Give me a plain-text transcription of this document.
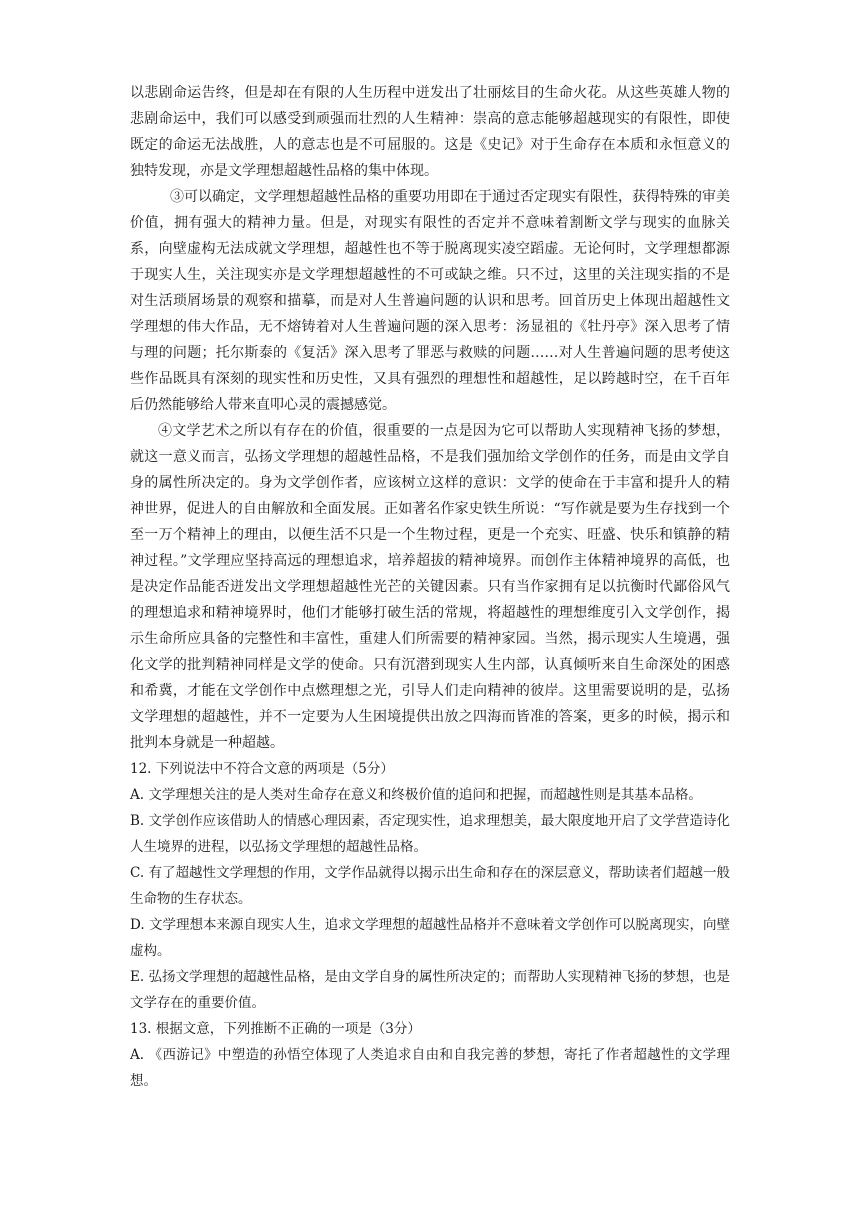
以悲剧命运告终，但是却在有限的人生历程中迸发出了壮丽炫目的生命火花。从这些英雄人物的悲剧命运中，我们可以感受到顽强而壮烈的人生精神：崇高的意志能够超越现实的有限性，即使既定的命运无法战胜，人的意志也是不可屈服的。这是《史记》对于生命存在本质和永恒意义的独特发现，亦是文学理想超越性品格的集中体现。

③可以确定，文学理想超越性品格的重要功用即在于通过否定现实有限性，获得特殊的审美价值，拥有强大的精神力量。但是，对现实有限性的否定并不意味着割断文学与现实的血脉关系，向壁虚构无法成就文学理想，超越性也不等于脱离现实凌空蹈虚。无论何时，文学理想都源于现实人生，关注现实亦是文学理想超越性的不可或缺之维。只不过，这里的关注现实指的不是对生活琐屑场景的观察和描摹，而是对人生普遍问题的认识和思考。回首历史上体现出超越性文学理想的伟大作品，无不熔铸着对人生普遍问题的深入思考：汤显祖的《牡丹亭》深入思考了情与理的问题；托尔斯泰的《复活》深入思考了罪恶与救赎的问题……对人生普遍问题的思考使这些作品既具有深刻的现实性和历史性，又具有强烈的理想性和超越性，足以跨越时空，在千百年后仍然能够给人带来直叩心灵的震撼感觉。

④文学艺术之所以有存在的价值，很重要的一点是因为它可以帮助人实现精神飞扬的梦想，就这一意义而言，弘扬文学理想的超越性品格，不是我们强加给文学创作的任务，而是由文学自身的属性所决定的。身为文学创作者，应该树立这样的意识：文学的使命在于丰富和提升人的精神世界，促进人的自由解放和全面发展。正如著名作家史铁生所说：“写作就是要为生存找到一个至一万个精神上的理由，以便生活不只是一个生物过程，更是一个充实、旺盛、快乐和镇静的精神过程。”文学理应坚持高远的理想追求，培养超拔的精神境界。而创作主体精神境界的高低，也是决定作品能否迸发出文学理想超越性光芒的关键因素。只有当作家拥有足以抗衡时代鄙俗风气的理想追求和精神境界时，他们才能够打破生活的常规，将超越性的理想维度引入文学创作，揭示生命所应具备的完整性和丰富性，重建人们所需要的精神家园。当然，揭示现实人生境遇，强化文学的批判精神同样是文学的使命。只有沉潜到现实人生内部，认真倾听来自生命深处的困惑和希冀，才能在文学创作中点燃理想之光，引导人们走向精神的彼岸。这里需要说明的是，弘扬文学理想的超越性，并不一定要为人生困境提供出放之四海而皆准的答案，更多的时候，揭示和批判本身就是一种超越。

12. 下列说法中不符合文意的两项是（5分）

A. 文学理想关注的是人类对生命存在意义和终极价值的追问和把握，而超越性则是其基本品格。

B. 文学创作应该借助人的情感心理因素，否定现实性，追求理想美，最大限度地开启了文学营造诗化人生境界的进程，以弘扬文学理想的超越性品格。

C. 有了超越性文学理想的作用，文学作品就得以揭示出生命和存在的深层意义，帮助读者们超越一般生命物的生存状态。

D. 文学理想本来源自现实人生，追求文学理想的超越性品格并不意味着文学创作可以脱离现实，向壁虚构。

E. 弘扬文学理想的超越性品格，是由文学自身的属性所决定的；而帮助人实现精神飞扬的梦想，也是文学存在的重要价值。

13. 根据文意，下列推断不正确的一项是（3分）

A. 《西游记》中塑造的孙悟空体现了人类追求自由和自我完善的梦想，寄托了作者超越性的文学理想。
